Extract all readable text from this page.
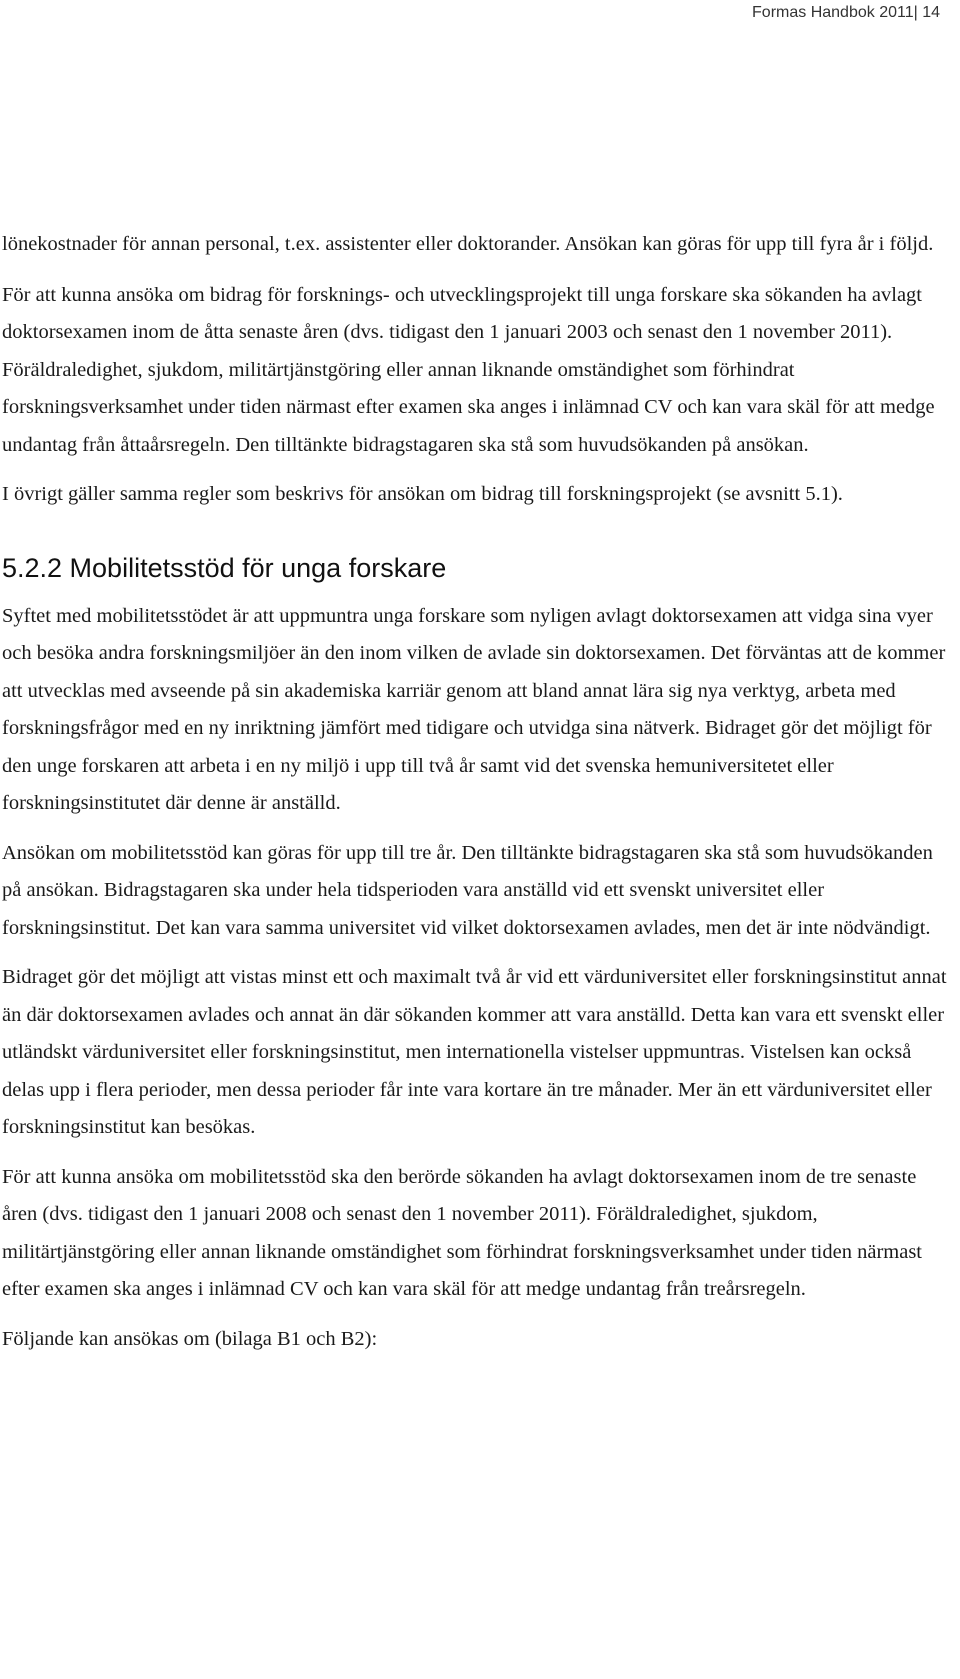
Formas Handbok 2011| 14

lönekostnader för annan personal, t.ex. assistenter eller doktorander. Ansökan kan göras för upp till fyra år i följd.

För att kunna ansöka om bidrag för forsknings- och utvecklingsprojekt till unga forskare ska sökanden ha avlagt doktorsexamen inom de åtta senaste åren (dvs. tidigast den 1 januari 2003 och senast den 1 november 2011). Föräldraledighet, sjukdom, militärtjänstgöring eller annan liknande omständighet som förhindrat forskningsverksamhet under tiden närmast efter examen ska anges i inlämnad CV och kan vara skäl för att medge undantag från åttaårsregeln. Den tilltänkte bidragstagaren ska stå som huvudsökanden på ansökan.

I övrigt gäller samma regler som beskrivs för ansökan om bidrag till forskningsprojekt (se avsnitt 5.1).

5.2.2 Mobilitetsstöd för unga forskare

Syftet med mobilitetsstödet är att uppmuntra unga forskare som nyligen avlagt doktorsexamen att vidga sina vyer och besöka andra forskningsmiljöer än den inom vilken de avlade sin doktorsexamen. Det förväntas att de kommer att utvecklas med avseende på sin akademiska karriär genom att bland annat lära sig nya verktyg, arbeta med forskningsfrågor med en ny inriktning jämfört med tidigare och utvidga sina nätverk. Bidraget gör det möjligt för den unge forskaren att arbeta i en ny miljö i upp till två år samt vid det svenska hemuniversitetet eller forskningsinstitutet där denne är anställd.

Ansökan om mobilitetsstöd kan göras för upp till tre år. Den tilltänkte bidragstagaren ska stå som huvudsökanden på ansökan. Bidragstagaren ska under hela tidsperioden vara anställd vid ett svenskt universitet eller forskningsinstitut. Det kan vara samma universitet vid vilket doktorsexamen avlades, men det är inte nödvändigt.

Bidraget gör det möjligt att vistas minst ett och maximalt två år vid ett värduniversitet eller forskningsinstitut annat än där doktorsexamen avlades och annat än där sökanden kommer att vara anställd. Detta kan vara ett svenskt eller utländskt värduniversitet eller forskningsinstitut, men internationella vistelser uppmuntras. Vistelsen kan också delas upp i flera perioder, men dessa perioder får inte vara kortare än tre månader. Mer än ett värduniversitet eller forskningsinstitut kan besökas.

För att kunna ansöka om mobilitetsstöd ska den berörde sökanden ha avlagt doktorsexamen inom de tre senaste åren (dvs. tidigast den 1 januari 2008 och senast den 1 november 2011). Föräldraledighet, sjukdom, militärtjänstgöring eller annan liknande omständighet som förhindrat forskningsverksamhet under tiden närmast efter examen ska anges i inlämnad CV och kan vara skäl för att medge undantag från treårsregeln.

Följande kan ansökas om (bilaga B1 och B2):
